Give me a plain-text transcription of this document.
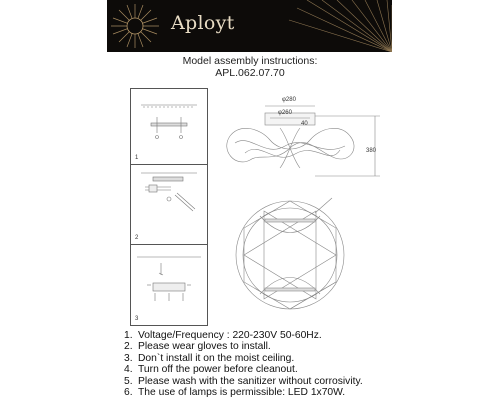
Aployt
Model assembly instructions:
APL.062.07.70
1
2
3
φ280
φ260
40
380
1. Voltage/Frequency : 220-230V 50-60Hz.
2. Please wear gloves to install.
3. Don`t install it on the moist ceiling.
4. Turn off the power before cleanout.
5. Please wash with the sanitizer without corrosivity.
6. The use of lamps is permissible: LED 1x70W.
